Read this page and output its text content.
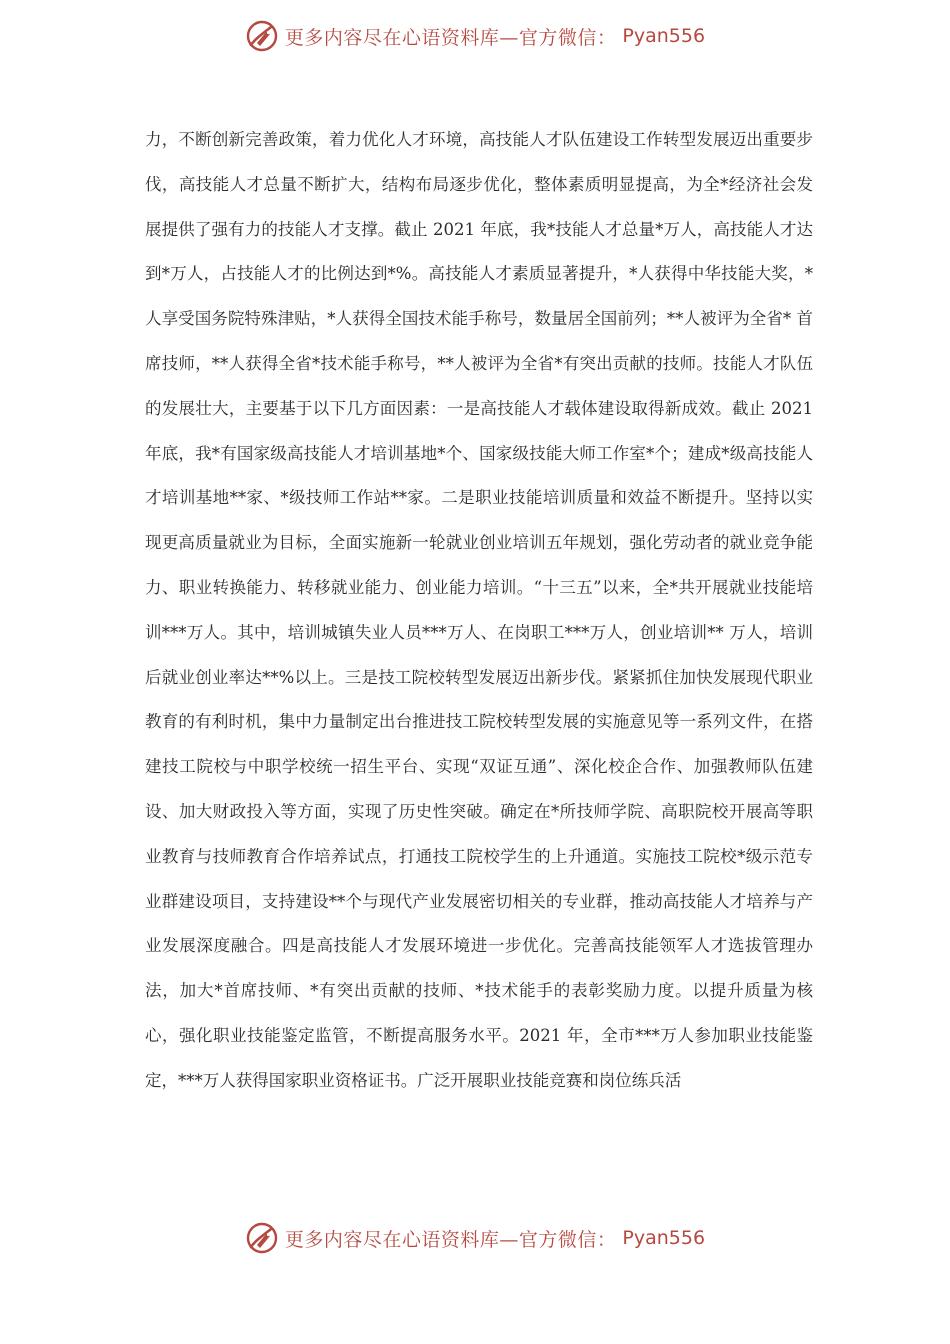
更多内容尽在心语资料库—官方微信： Pyan556

力，不断创新完善政策，着力优化人才环境，高技能人才队伍建设工作转型发展迈出重要步伐，高技能人才总量不断扩大，结构布局逐步优化，整体素质明显提高，为全*经济社会发展提供了强有力的技能人才支撑。截止 2021 年底，我*技能人才总量*万人，高技能人才达到*万人，占技能人才的比例达到*%。高技能人才素质显著提升，*人获得中华技能大奖，*人享受国务院特殊津贴，*人获得全国技术能手称号，数量居全国前列；**人被评为全省* 首席技师，**人获得全省*技术能手称号，**人被评为全省*有突出贡献的技师。技能人才队伍的发展壮大，主要基于以下几方面因素：一是高技能人才载体建设取得新成效。截止 2021 年底，我*有国家级高技能人才培训基地*个、国家级技能大师工作室*个；建成*级高技能人才培训基地**家、*级技师工作站**家。二是职业技能培训质量和效益不断提升。坚持以实现更高质量就业为目标，全面实施新一轮就业创业培训五年规划，强化劳动者的就业竞争能力、职业转换能力、转移就业能力、创业能力培训。“十三五”以来，全*共开展就业技能培训***万人。其中，培训城镇失业人员***万人、在岗职工***万人，创业培训** 万人，培训后就业创业率达**%以上。三是技工院校转型发展迈出新步伐。紧紧抓住加快发展现代职业教育的有利时机，集中力量制定出台推进技工院校转型发展的实施意见等一系列文件，在搭建技工院校与中职学校统一招生平台、实现“双证互通”、深化校企合作、加强教师队伍建设、加大财政投入等方面，实现了历史性突破。确定在*所技师学院、高职院校开展高等职业教育与技师教育合作培养试点，打通技工院校学生的上升通道。实施技工院校*级示范专业群建设项目，支持建设**个与现代产业发展密切相关的专业群，推动高技能人才培养与产业发展深度融合。四是高技能人才发展环境进一步优化。完善高技能领军人才选拔管理办法，加大*首席技师、*有突出贡献的技师、*技术能手的表彰奖励力度。以提升质量为核心，强化职业技能鉴定监管，不断提高服务水平。2021 年，全市***万人参加职业技能鉴定，***万人获得国家职业资格证书。广泛开展职业技能竞赛和岗位练兵活

更多内容尽在心语资料库—官方微信： Pyan556
